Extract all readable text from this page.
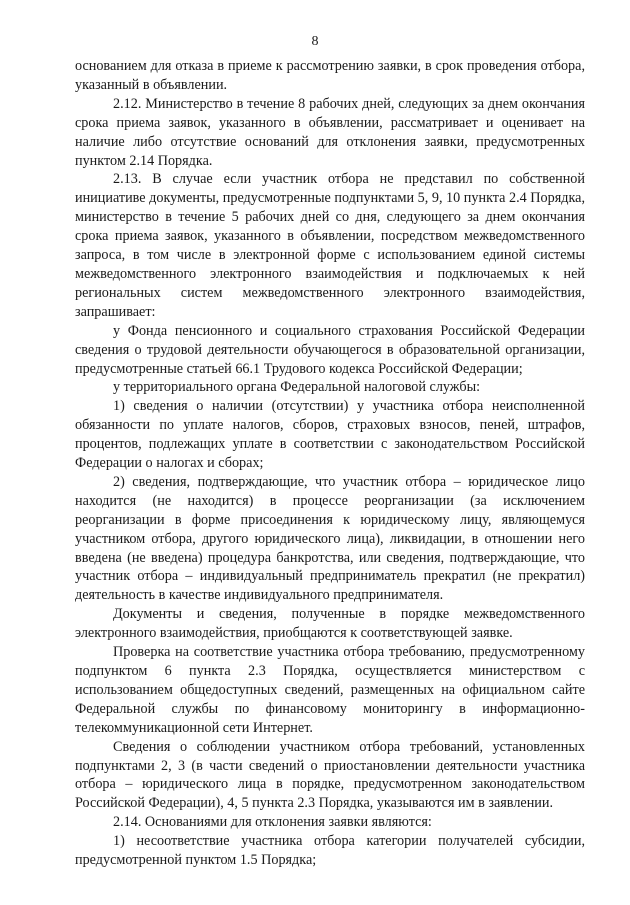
8

основанием для отказа в приеме к рассмотрению заявки, в срок проведения отбора, указанный в объявлении.

2.12. Министерство в течение 8 рабочих дней, следующих за днем окончания срока приема заявок, указанного в объявлении, рассматривает и оценивает на наличие либо отсутствие оснований для отклонения заявки, предусмотренных пунктом 2.14 Порядка.

2.13. В случае если участник отбора не представил по собственной инициативе документы, предусмотренные подпунктами 5, 9, 10 пункта 2.4 Порядка, министерство в течение 5 рабочих дней со дня, следующего за днем окончания срока приема заявок, указанного в объявлении, посредством межведомственного запроса, в том числе в электронной форме с использованием единой системы межведомственного электронного взаимодействия и подключаемых к ней региональных систем межведомственного электронного взаимодействия, запрашивает:

у Фонда пенсионного и социального страхования Российской Федерации сведения о трудовой деятельности обучающегося в образовательной организации, предусмотренные статьей 66.1 Трудового кодекса Российской Федерации;

у территориального органа Федеральной налоговой службы:

1) сведения о наличии (отсутствии) у участника отбора неисполненной обязанности по уплате налогов, сборов, страховых взносов, пеней, штрафов, процентов, подлежащих уплате в соответствии с законодательством Российской Федерации о налогах и сборах;

2) сведения, подтверждающие, что участник отбора – юридическое лицо находится (не находится) в процессе реорганизации (за исключением реорганизации в форме присоединения к юридическому лицу, являющемуся участником отбора, другого юридического лица), ликвидации, в отношении него введена (не введена) процедура банкротства, или сведения, подтверждающие, что участник отбора – индивидуальный предприниматель прекратил (не прекратил) деятельность в качестве индивидуального предпринимателя.

Документы и сведения, полученные в порядке межведомственного электронного взаимодействия, приобщаются к соответствующей заявке.

Проверка на соответствие участника отбора требованию, предусмотренному подпунктом 6 пункта 2.3 Порядка, осуществляется министерством с использованием общедоступных сведений, размещенных на официальном сайте Федеральной службы по финансовому мониторингу в информационно-телекоммуникационной сети Интернет.

Сведения о соблюдении участником отбора требований, установленных подпунктами 2, 3 (в части сведений о приостановлении деятельности участника отбора – юридического лица в порядке, предусмотренном законодательством Российской Федерации), 4, 5 пункта 2.3 Порядка, указываются им в заявлении.

2.14. Основаниями для отклонения заявки являются:

1) несоответствие участника отбора категории получателей субсидии, предусмотренной пунктом 1.5 Порядка;
